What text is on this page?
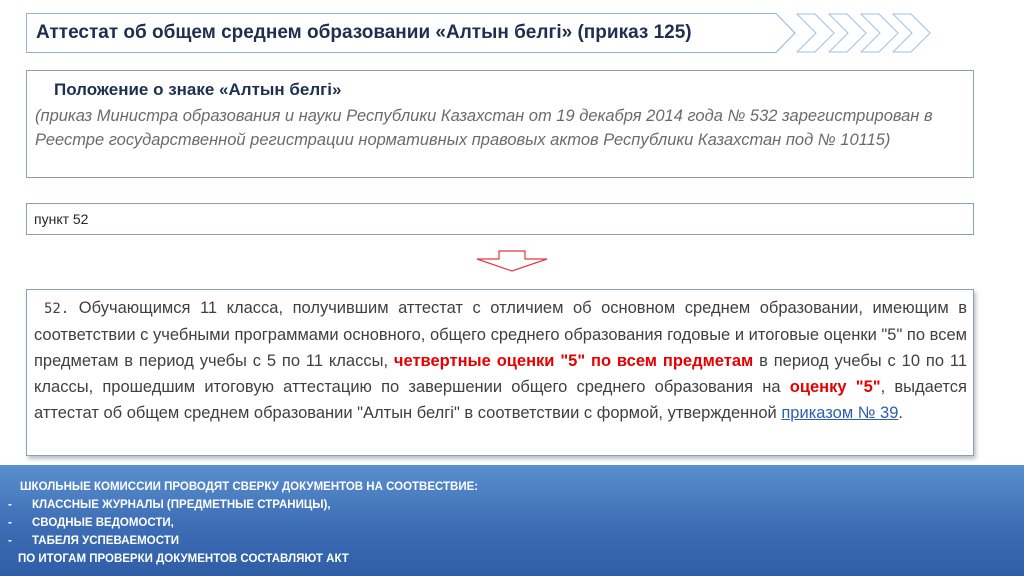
Аттестат об общем среднем образовании «Алтын белгі» (приказ 125)
Положение о знаке «Алтын белгі»
(приказ Министра образования и науки Республики Казахстан от 19 декабря 2014 года № 532 зарегистрирован в Реестре государственной регистрации нормативных правовых актов Республики Казахстан под № 10115)
пункт 52
52. Обучающимся 11 класса, получившим аттестат с отличием об основном среднем образовании, имеющим в соответствии с учебными программами основного, общего среднего образования годовые и итоговые оценки "5" по всем предметам в период учебы с 5 по 11 классы, четвертные оценки "5" по всем предметам в период учебы с 10 по 11 классы, прошедшим итоговую аттестацию по завершении общего среднего образования на оценку "5", выдается аттестат об общем среднем образовании "Алтын белгі" в соответствии с формой, утвержденной приказом № 39.
ШКОЛЬНЫЕ КОМИССИИ ПРОВОДЯТ СВЕРКУ ДОКУМЕНТОВ НА СООТВЕСТВИЕ:
- КЛАССНЫЕ ЖУРНАЛЫ (ПРЕДМЕТНЫЕ СТРАНИЦЫ),
- СВОДНЫЕ ВЕДОМОСТИ,
- ТАБЕЛЯ УСПЕВАЕМОСТИ
ПО ИТОГАМ ПРОВЕРКИ ДОКУМЕНТОВ СОСТАВЛЯЮТ АКТ
